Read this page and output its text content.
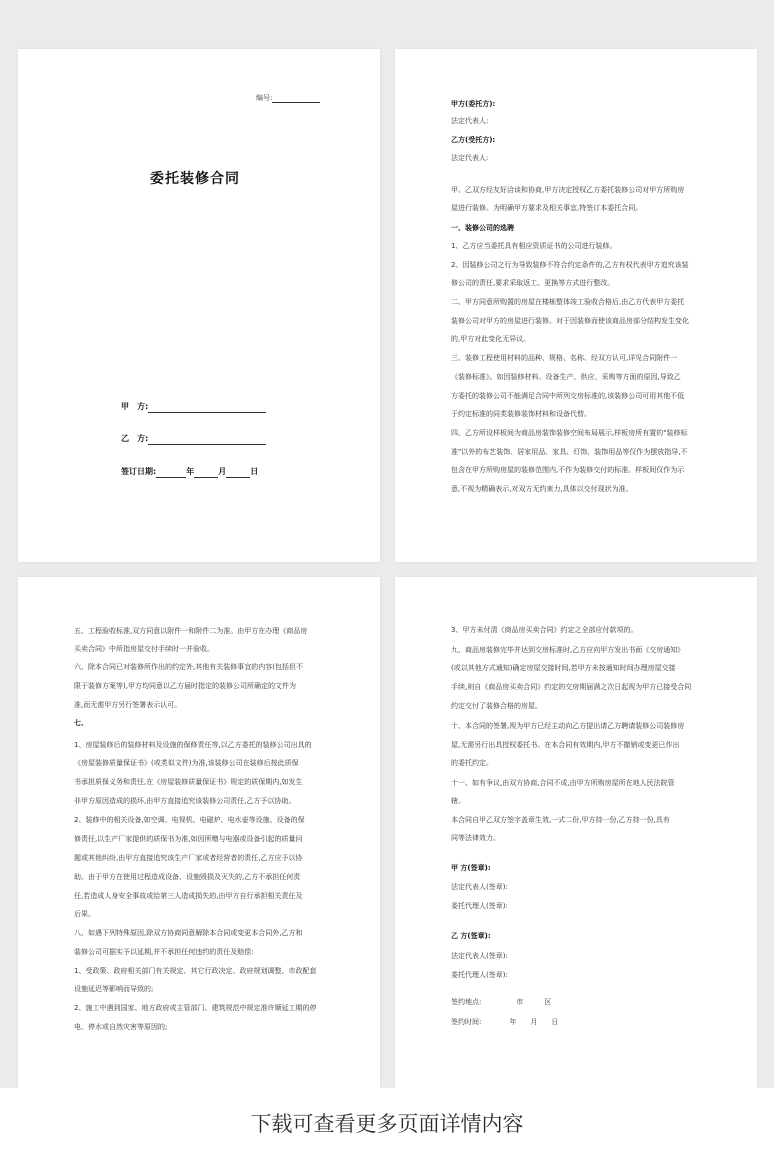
编号:
委托装修合同
甲　方:
乙　方:
签订日期:	年	月	日
甲方(委托方):
法定代表人:
乙方(受托方):
法定代表人:
甲、乙双方经友好洽谈和协商,甲方决定授权乙方委托装修公司对甲方所购房
屋进行装修。为明确甲方要求及相关事宜,特签订本委托合同。
一、装修公司的选聘
1、乙方应当委托具有相应资质证书的公司进行装修。
2、因装修公司之行为导致装修不符合约定条件的,乙方有权代表甲方追究该装
修公司的责任,要求采取返工、更换等方式进行整改。
二、甲方同意所购置的房屋在楼栋整体竣工验收合格后,由乙方代表甲方委托
装修公司对甲方的房屋进行装修。对于因装修而使该商品房部分结构发生变化
的,甲方对此变化无异议。
三、装修工程使用材料的品种、规格、名称、经双方认可,详见合同附件一
《装修标准》。如因装修材料、设备生产、供应、采购等方面的原因,导致乙
方委托的装修公司不能满足合同中所列交房标准的,该装修公司可用其他不低
于约定标准的同类装修装饰材料和设备代替。
四、乙方所设样板间为商品房装饰装修空间布局展示,样板房所有置的"装修标
准"以外的布艺装饰、居家用品、家具、灯饰、装饰用品等仅作为摆放指导,不
包含在甲方所购房屋的装修范围内,不作为装修交付的标准。样板间仅作为示
意,不视为精确表示,对双方无约束力,具体以交付现状为准。
五、工程验收标准,双方同意以附件一和附件二为准。由甲方在办理《商品房
买卖合同》中所指房屋交付手续时一并验收。
六、除本合同已对装修所作出的约定外,其他有关装修事宜的内容(包括但不
限于装修方案等),甲方均同意以乙方届时指定的装修公司所确定的文件为
准,而无需甲方另行签署表示认可。
七、
1、房屋装修后的装修材料及设施的保修责任等,以乙方委托的装修公司出具的
《房屋装修质量保证书》(或类似文件)为准,该装修公司在装修后按此质保
书承担质保义务和责任,在《房屋装修质量保证书》规定的质保期内,如发生
非甲方原因造成的损坏,由甲方直接追究该装修公司责任,乙方予以协助。
2、装修中的相关设备,如空调、电视机、电磁炉、电水壶等设施、设备的保
修责任,以生产厂家提供的质保书为准,如因所赠与电器或设备引起的质量问
题或其他纠纷,由甲方直接追究该生产厂家或者经营者的责任,乙方应予以协
助。由于甲方在使用过程造成设备、设施毁损及灭失的,乙方不承担任何责
任,若造成人身安全事故或给第三人造成损失的,由甲方自行承担相关责任及
后果。
八、如遇下列特殊原因,除双方协商同意解除本合同或变更本合同外,乙方和
装修公司可据实予以延期,并不承担任何违约的责任及赔偿:
1、受政策、政府相关部门有关规定、其它行政决定、政府规划调整、市政配套
设施延迟等影响而导致的;
2、施工中遇到国家、地方政府或主管部门、建筑规范中规定准许顺延工期的停
电、停水或自然灾害等原因的;
3、甲方未付清《商品房买卖合同》约定之全部应付款项的。
九、商品房装修完毕并达到交房标准时,乙方应向甲方发出书面《交房通知》
(或以其他方式通知)确定房屋交接时间,若甲方未按通知时间办理房屋交接
手续,则自《商品房买卖合同》约定的交房期届满之次日起视为甲方已接受合同
约定交付了装修合格的房屋。
十、本合同的签署,视为甲方已经主动向乙方提出请乙方聘请装修公司装修房
屋,无需另行出具授权委托书。在本合同有效期内,甲方不撤销或变更已作出
的委托约定。
十一、如有争议,由双方协商,合同不成,由甲方所购房屋所在地人民法院管
辖。
本合同自甲乙双方签字盖章生效,一式二份,甲方持一份,乙方持一份,具有
同等法律效力。
甲 方(签章):
法定代表人(签章):
委托代理人(签章):
乙 方(签章):
法定代表人(签章):
委托代理人(签章):
签约地点:　　　　　市　　　区
签约时间:　　　　年　　月　　日
下载可查看更多页面详情内容
